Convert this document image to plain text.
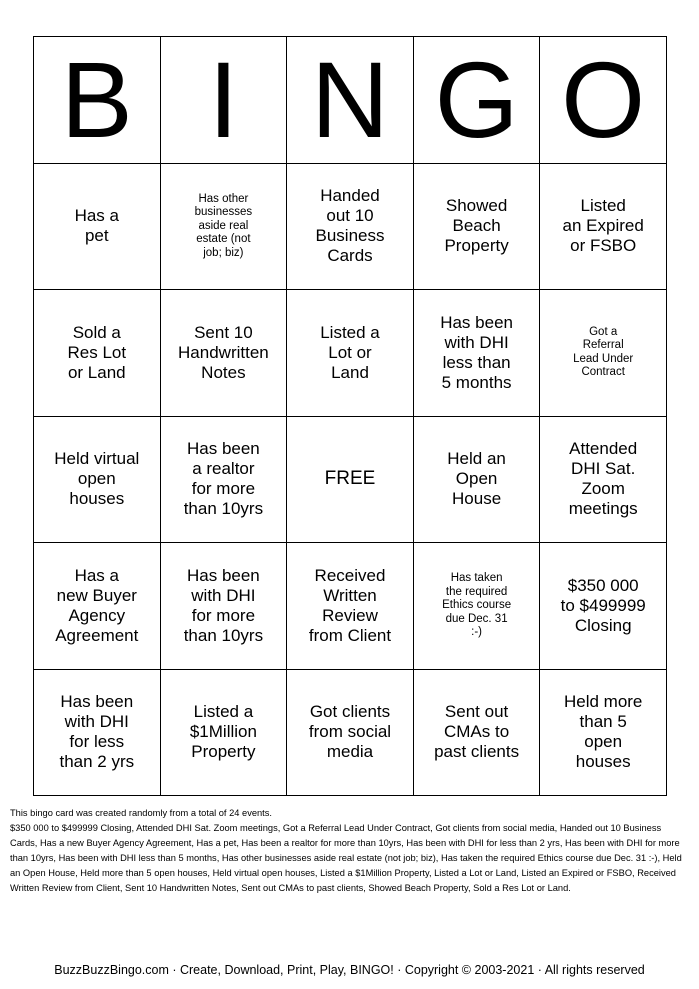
B I N G O
Has a
pet
Has other
businesses
aside real
estate (not
job; biz)
Handed
out 10
Business
Cards
Showed
Beach
Property
Listed
an Expired
or FSBO
Sold a
Res Lot
or Land
Sent 10
Handwritten
Notes
Listed a
Lot or
Land
Has been
with DHI
less than
5 months
Got a
Referral
Lead Under
Contract
Held virtual
open
houses
Has been
a realtor
for more
than 10yrs
FREE
Held an
Open
House
Attended
DHI Sat.
Zoom
meetings
Has a
new Buyer
Agency
Agreement
Has been
with DHI
for more
than 10yrs
Received
Written
Review
from Client
Has taken
the required
Ethics course
due Dec. 31
:-)
$350 000
to $499999
Closing
Has been
with DHI
for less
than 2 yrs
Listed a
$1Million
Property
Got clients
from social
media
Sent out
CMAs to
past clients
Held more
than 5
open
houses

This bingo card was created randomly from a total of 24 events.

$350 000 to $499999 Closing, Attended DHI Sat. Zoom meetings, Got a Referral Lead Under Contract, Got clients from social media, Handed out 10 Business Cards, Has a new Buyer Agency Agreement, Has a pet, Has been a realtor for more than 10yrs, Has been with DHI for less than 2 yrs, Has been with DHI for more than 10yrs, Has been with DHI less than 5 months, Has other businesses aside real estate (not job; biz), Has taken the required Ethics course due Dec. 31 :-), Held an Open House, Held more than 5 open houses, Held virtual open houses, Listed a $1Million Property, Listed a Lot or Land, Listed an Expired or FSBO, Received Written Review from Client, Sent 10 Handwritten Notes, Sent out CMAs to past clients, Showed Beach Property, Sold a Res Lot or Land.

BuzzBuzzBingo.com · Create, Download, Print, Play, BINGO! · Copyright © 2003-2021 · All rights reserved
